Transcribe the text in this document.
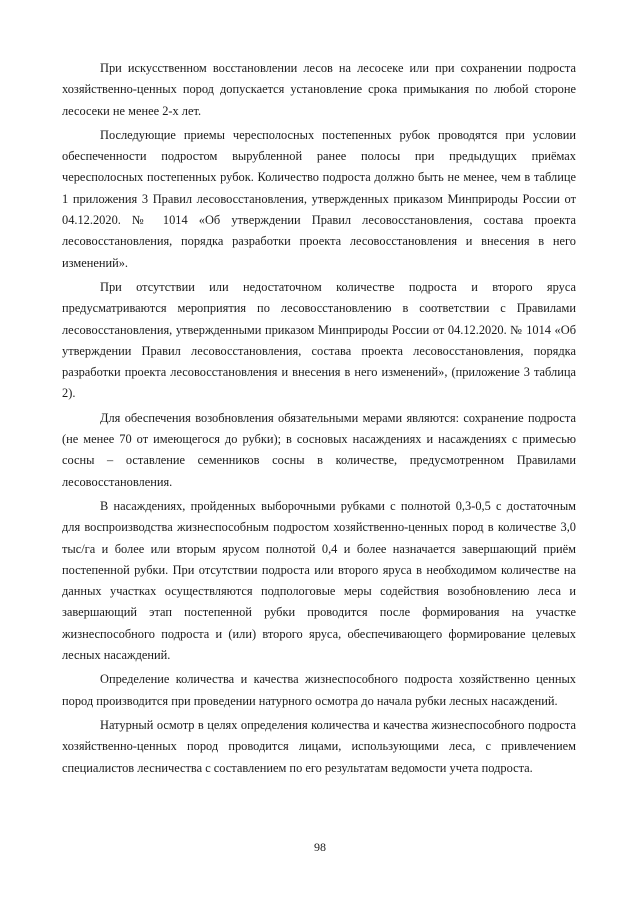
При искусственном восстановлении лесов на лесосеке или при сохранении подроста хозяйственно-ценных пород допускается установление срока примыкания по любой стороне лесосеки не менее 2-х лет.

Последующие приемы чересполосных постепенных рубок проводятся при условии обеспеченности подростом вырубленной ранее полосы при предыдущих приёмах чересполосных постепенных рубок. Количество подроста должно быть не менее, чем в таблице 1 приложения 3 Правил лесовосстановления, утвержденных приказом Минприроды России от 04.12.2020. № 1014 «Об утверждении Правил лесовосстановления, состава проекта лесовосстановления, порядка разработки проекта лесовосстановления и внесения в него изменений».

При отсутствии или недостаточном количестве подроста и второго яруса предусматриваются мероприятия по лесовосстановлению в соответствии с Правилами лесовосстановления, утвержденными приказом Минприроды России от 04.12.2020. № 1014 «Об утверждении Правил лесовосстановления, состава проекта лесовосстановления, порядка разработки проекта лесовосстановления и внесения в него изменений», (приложение 3 таблица 2).

Для обеспечения возобновления обязательными мерами являются: сохранение подроста (не менее 70 от имеющегося до рубки); в сосновых насаждениях и насаждениях с примесью сосны – оставление семенников сосны в количестве, предусмотренном Правилами лесовосстановления.

В насаждениях, пройденных выборочными рубками с полнотой 0,3-0,5 с достаточным для воспроизводства жизнеспособным подростом хозяйственно-ценных пород в количестве 3,0 тыс/га и более или вторым ярусом полнотой 0,4 и более назначается завершающий приём постепенной рубки. При отсутствии подроста или второго яруса в необходимом количестве на данных участках осуществляются подпологовые меры содействия возобновлению леса и завершающий этап постепенной рубки проводится после формирования на участке жизнеспособного подроста и (или) второго яруса, обеспечивающего формирование целевых лесных насаждений.

Определение количества и качества жизнеспособного подроста хозяйственно ценных пород производится при проведении натурного осмотра до начала рубки лесных насаждений.

Натурный осмотр в целях определения количества и качества жизнеспособного подроста хозяйственно-ценных пород проводится лицами, использующими леса, с привлечением специалистов лесничества с составлением по его результатам ведомости учета подроста.

98
